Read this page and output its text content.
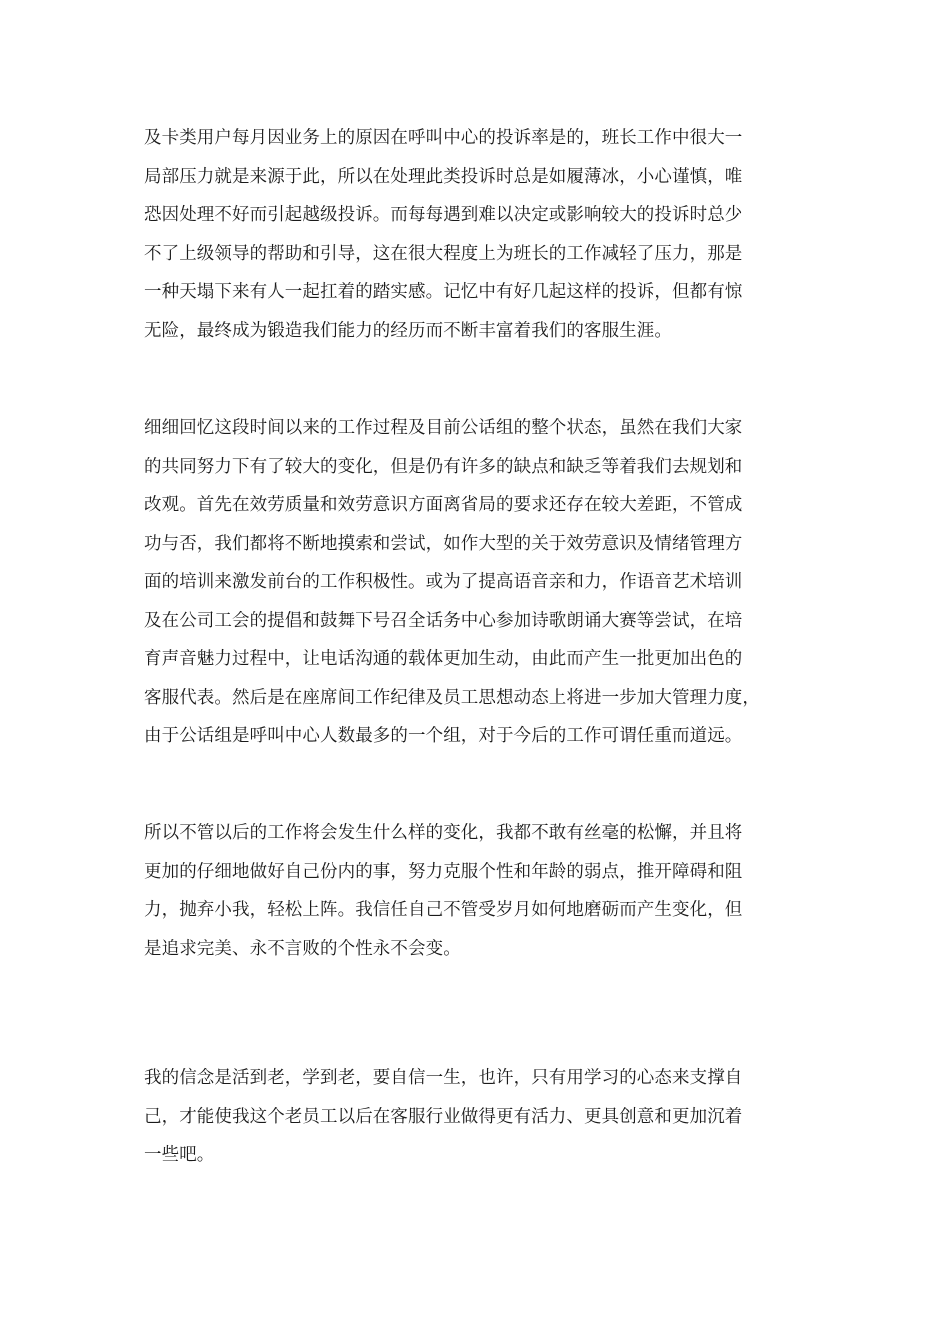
及卡类用户每月因业务上的原因在呼叫中心的投诉率是的，班长工作中很大一
局部压力就是来源于此，所以在处理此类投诉时总是如履薄冰，小心谨慎，唯
恐因处理不好而引起越级投诉。而每每遇到难以决定或影响较大的投诉时总少
不了上级领导的帮助和引导，这在很大程度上为班长的工作减轻了压力，那是
一种天塌下来有人一起扛着的踏实感。记忆中有好几起这样的投诉，但都有惊
无险，最终成为锻造我们能力的经历而不断丰富着我们的客服生涯。
细细回忆这段时间以来的工作过程及目前公话组的整个状态，虽然在我们大家
的共同努力下有了较大的变化，但是仍有许多的缺点和缺乏等着我们去规划和
改观。首先在效劳质量和效劳意识方面离省局的要求还存在较大差距，不管成
功与否，我们都将不断地摸索和尝试，如作大型的关于效劳意识及情绪管理方
面的培训来激发前台的工作积极性。或为了提高语音亲和力，作语音艺术培训
及在公司工会的提倡和鼓舞下号召全话务中心参加诗歌朗诵大赛等尝试，在培
育声音魅力过程中，让电话沟通的载体更加生动，由此而产生一批更加出色的
客服代表。然后是在座席间工作纪律及员工思想动态上将进一步加大管理力度，
由于公话组是呼叫中心人数最多的一个组，对于今后的工作可谓任重而道远。
所以不管以后的工作将会发生什么样的变化，我都不敢有丝毫的松懈，并且将
更加的仔细地做好自己份内的事，努力克服个性和年龄的弱点，推开障碍和阻
力，抛弃小我，轻松上阵。我信任自己不管受岁月如何地磨砺而产生变化，但
是追求完美、永不言败的个性永不会变。
我的信念是活到老，学到老，要自信一生，也许，只有用学习的心态来支撑自
己，才能使我这个老员工以后在客服行业做得更有活力、更具创意和更加沉着
一些吧。
